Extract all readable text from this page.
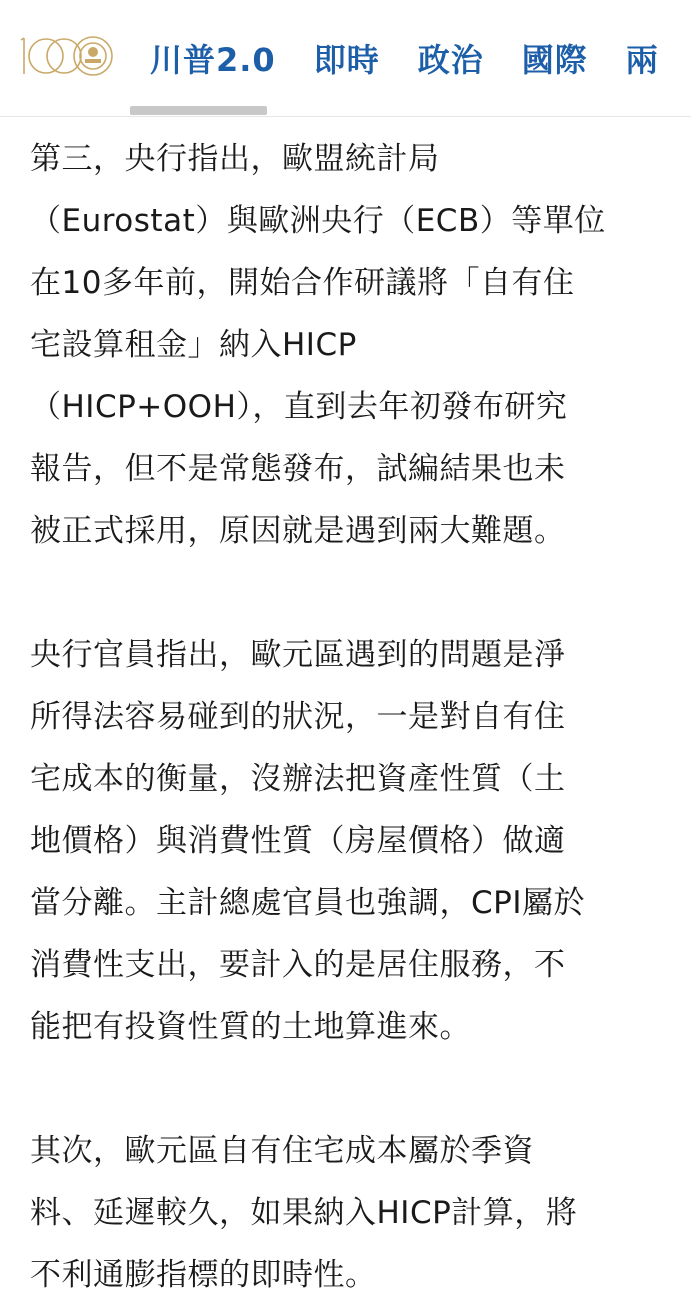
川普2.0 即時 政治 國際 兩
第三，央行指出，歐盟統計局
（Eurostat）與歐洲央行（ECB）等單位
在10多年前，開始合作研議將「自有住
宅設算租金」納入HICP
（HICP+OOH），直到去年初發布研究
報告，但不是常態發布，試編結果也未
被正式採用，原因就是遇到兩大難題。
央行官員指出，歐元區遇到的問題是淨
所得法容易碰到的狀況，一是對自有住
宅成本的衡量，沒辦法把資產性質（土
地價格）與消費性質（房屋價格）做適
當分離。主計總處官員也強調，CPI屬於
消費性支出，要計入的是居住服務，不
能把有投資性質的土地算進來。
其次，歐元區自有住宅成本屬於季資
料、延遲較久，如果納入HICP計算，將
不利通膨指標的即時性。
